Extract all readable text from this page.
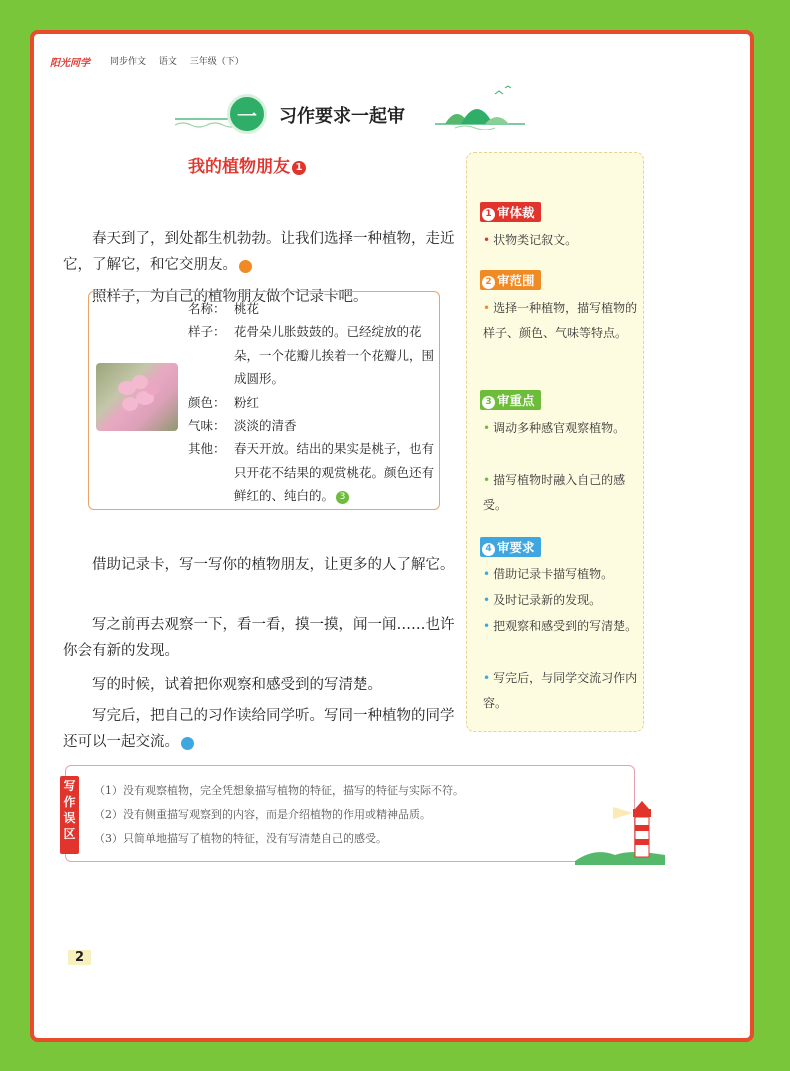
阳光同学 同步作文 语文 三年级（下）
一	习作要求一起审
我的植物朋友 1
春天到了，到处都生机勃勃。让我们选择一种植物，走近它，了解它，和它交朋友。	2
照样子，为自己的植物朋友做个记录卡吧。
名称： 桃花
样子： 花骨朵儿胀鼓鼓的。已经绽放的花朵，一个花瓣儿挨着一个花瓣儿，围成圆形。
颜色： 粉红
气味： 淡淡的清香
其他： 春天开放。结出的果实是桃子，也有只开花不结果的观赏桃花。颜色还有鲜红的、纯白的。 3
借助记录卡，写一写你的植物朋友，让更多的人了解它。
写之前再去观察一下，看一看，摸一摸，闻一闻……也许你会有新的发现。
写的时候，试着把你观察和感受到的写清楚。
写完后，把自己的习作读给同学听。写同一种植物的同学还可以一起交流。	4
1 审体裁
• 状物类记叙文。
2 审范围
• 选择一种植物，描写植物的样子、颜色、气味等特点。
3 审重点
• 调动多种感官观察植物。
• 描写植物时融入自己的感受。
4 审要求
• 借助记录卡描写植物。
• 及时记录新的发现。
• 把观察和感受到的写清楚。
• 写完后，与同学交流习作内容。
写作误区
（1）没有观察植物，完全凭想象描写植物的特征，描写的特征与实际不符。
（2）没有侧重描写观察到的内容，而是介绍植物的作用或精神品质。
（3）只简单地描写了植物的特征，没有写清楚自己的感受。
2
